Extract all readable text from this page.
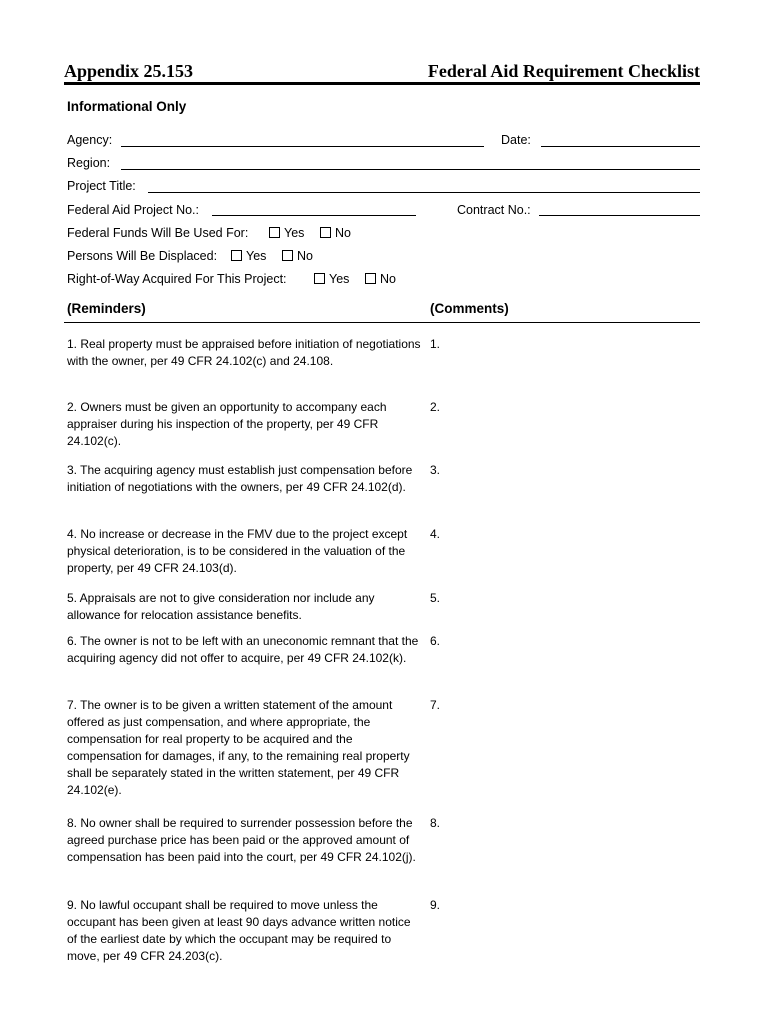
Appendix 25.153	Federal Aid Requirement Checklist
Informational Only
Agency:	Date:
Region:
Project Title:
Federal Aid Project No.:	Contract No.:
Federal Funds Will Be Used For:	Yes	No
Persons Will Be Displaced:	Yes	No
Right-of-Way Acquired For This Project:	Yes	No
(Reminders)	(Comments)
1. Real property must be appraised before initiation of negotiations with the owner, per 49 CFR 24.102(c) and 24.108.
1.
2. Owners must be given an opportunity to accompany each appraiser during his inspection of the property, per 49 CFR 24.102(c).
2.
3. The acquiring agency must establish just compensation before initiation of negotiations with the owners, per 49 CFR 24.102(d).
3.
4. No increase or decrease in the FMV due to the project except physical deterioration, is to be considered in the valuation of the property, per 49 CFR 24.103(d).
4.
5. Appraisals are not to give consideration nor include any allowance for relocation assistance benefits.
5.
6. The owner is not to be left with an uneconomic remnant that the acquiring agency did not offer to acquire, per 49 CFR 24.102(k).
6.
7. The owner is to be given a written statement of the amount offered as just compensation, and where appropriate, the compensation for real property to be acquired and the compensation for damages, if any, to the remaining real property shall be separately stated in the written statement, per 49 CFR 24.102(e).
7.
8. No owner shall be required to surrender possession before the agreed purchase price has been paid or the approved amount of compensation has been paid into the court, per 49 CFR 24.102(j).
8.
9. No lawful occupant shall be required to move unless the occupant has been given at least 90 days advance written notice of the earliest date by which the occupant may be required to move, per 49 CFR 24.203(c).
9.
